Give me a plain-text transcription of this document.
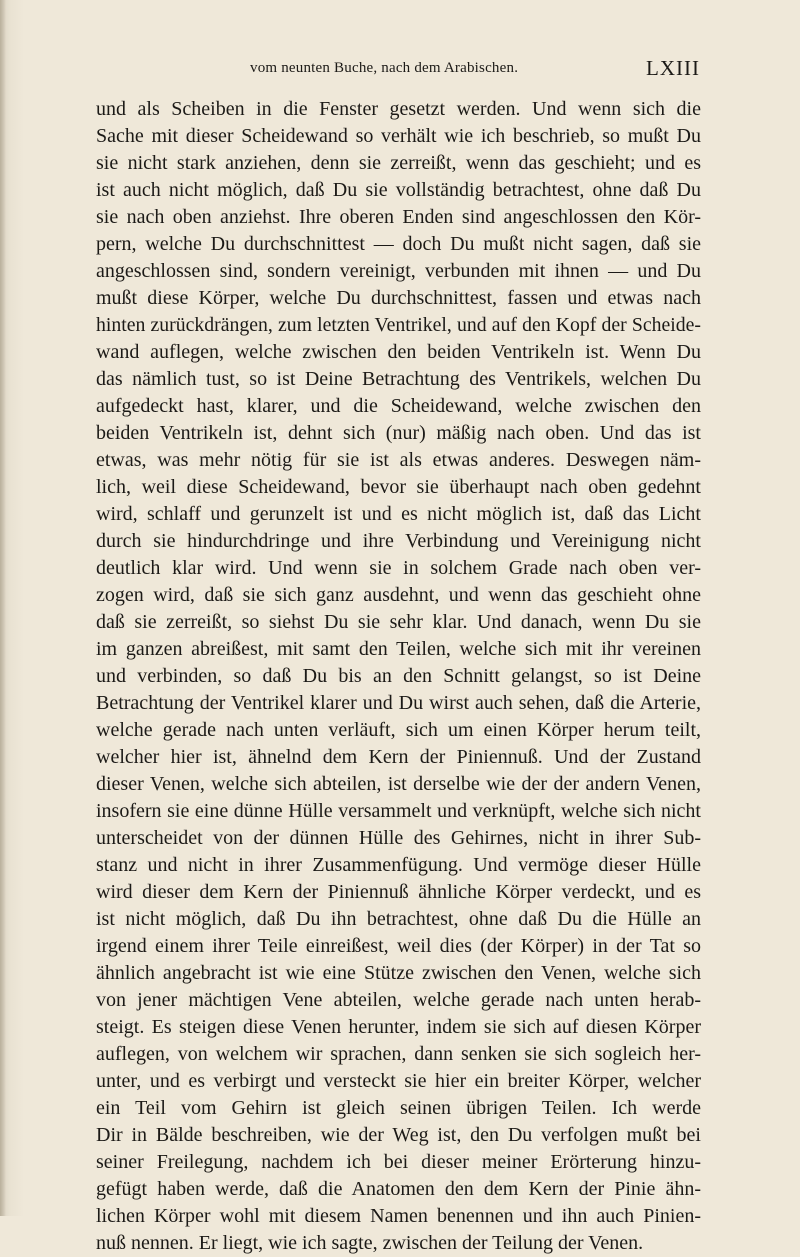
vom neunten Buche, nach dem Arabischen.	LXIII
und als Scheiben in die Fenster gesetzt werden. Und wenn sich die
Sache mit dieser Scheidewand so verhält wie ich beschrieb, so mußt Du
sie nicht stark anziehen, denn sie zerreißt, wenn das geschieht; und es
ist auch nicht möglich, daß Du sie vollständig betrachtest, ohne daß Du
sie nach oben anziehst. Ihre oberen Enden sind angeschlossen den Kör-
pern, welche Du durchschnittest — doch Du mußt nicht sagen, daß sie
angeschlossen sind, sondern vereinigt, verbunden mit ihnen — und Du
mußt diese Körper, welche Du durchschnittest, fassen und etwas nach
hinten zurückdrängen, zum letzten Ventrikel, und auf den Kopf der Scheide-
wand auflegen, welche zwischen den beiden Ventrikeln ist. Wenn Du
das nämlich tust, so ist Deine Betrachtung des Ventrikels, welchen Du
aufgedeckt hast, klarer, und die Scheidewand, welche zwischen den
beiden Ventrikeln ist, dehnt sich (nur) mäßig nach oben. Und das ist
etwas, was mehr nötig für sie ist als etwas anderes. Deswegen näm-
lich, weil diese Scheidewand, bevor sie überhaupt nach oben gedehnt
wird, schlaff und gerunzelt ist und es nicht möglich ist, daß das Licht
durch sie hindurchdringe und ihre Verbindung und Vereinigung nicht
deutlich klar wird. Und wenn sie in solchem Grade nach oben ver-
zogen wird, daß sie sich ganz ausdehnt, und wenn das geschieht ohne
daß sie zerreißt, so siehst Du sie sehr klar. Und danach, wenn Du sie
im ganzen abreißest, mit samt den Teilen, welche sich mit ihr vereinen
und verbinden, so daß Du bis an den Schnitt gelangst, so ist Deine
Betrachtung der Ventrikel klarer und Du wirst auch sehen, daß die Arterie,
welche gerade nach unten verläuft, sich um einen Körper herum teilt,
welcher hier ist, ähnelnd dem Kern der Piniennuß. Und der Zustand
dieser Venen, welche sich abteilen, ist derselbe wie der der andern Venen,
insofern sie eine dünne Hülle versammelt und verknüpft, welche sich nicht
unterscheidet von der dünnen Hülle des Gehirnes, nicht in ihrer Sub-
stanz und nicht in ihrer Zusammenfügung. Und vermöge dieser Hülle
wird dieser dem Kern der Piniennuß ähnliche Körper verdeckt, und es
ist nicht möglich, daß Du ihn betrachtest, ohne daß Du die Hülle an
irgend einem ihrer Teile einreißest, weil dies (der Körper) in der Tat so
ähnlich angebracht ist wie eine Stütze zwischen den Venen, welche sich
von jener mächtigen Vene abteilen, welche gerade nach unten herab-
steigt. Es steigen diese Venen herunter, indem sie sich auf diesen Körper
auflegen, von welchem wir sprachen, dann senken sie sich sogleich her-
unter, und es verbirgt und versteckt sie hier ein breiter Körper, welcher
ein Teil vom Gehirn ist gleich seinen übrigen Teilen. Ich werde
Dir in Bälde beschreiben, wie der Weg ist, den Du verfolgen mußt bei
seiner Freilegung, nachdem ich bei dieser meiner Erörterung hinzu-
gefügt haben werde, daß die Anatomen den dem Kern der Pinie ähn-
lichen Körper wohl mit diesem Namen benennen und ihn auch Pinien-
nuß nennen. Er liegt, wie ich sagte, zwischen der Teilung der Venen.
